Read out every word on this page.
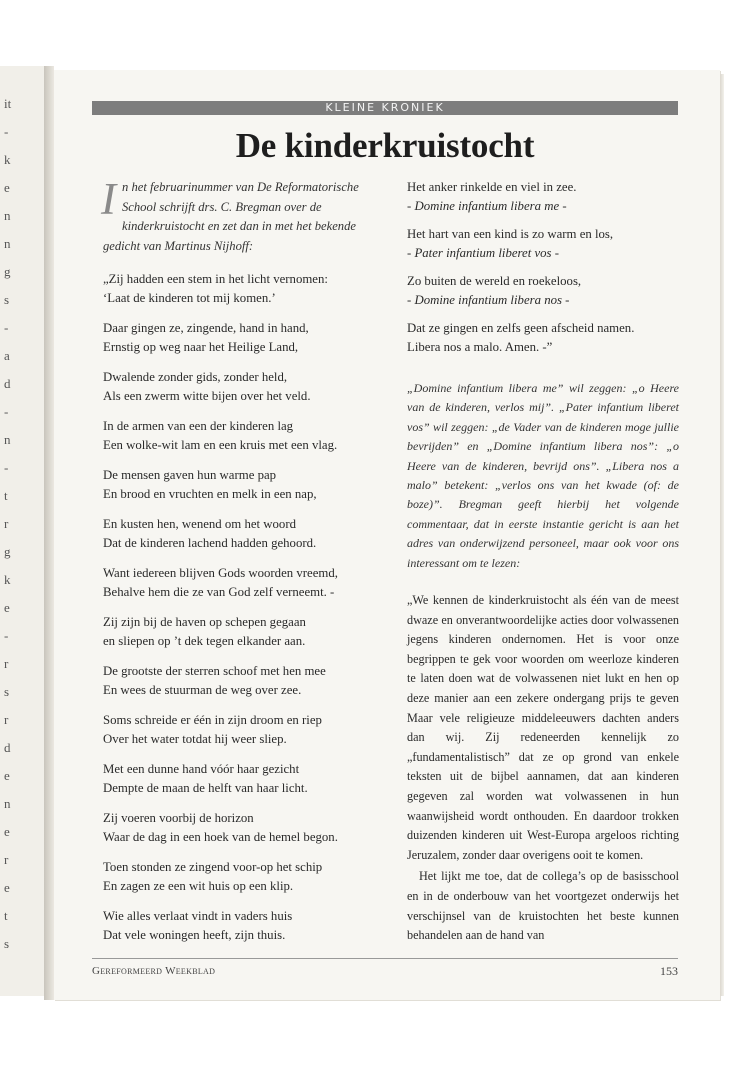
it
-
k
e
n
n
g
s
-
a
d
-
n
-
t
r
g
k
e
-
r
s
r
d
e
n
e
r
e
t
s
KLEINE KRONIEK
De kinderkruistocht

In het februarinummer van De Reformatorische School schrijft drs. C. Bregman over de kinderkruistocht en zet dan in met het bekende gedicht van Martinus Nijhoff:

„Zij hadden een stem in het licht vernomen:
‘Laat de kinderen tot mij komen.’
Daar gingen ze, zingende, hand in hand,
Ernstig op weg naar het Heilige Land,
Dwalende zonder gids, zonder held,
Als een zwerm witte bijen over het veld.
In de armen van een der kinderen lag
Een wolke-wit lam en een kruis met een vlag.
De mensen gaven hun warme pap
En brood en vruchten en melk in een nap,
En kusten hen, wenend om het woord
Dat de kinderen lachend hadden gehoord.
Want iedereen blijven Gods woorden vreemd,
Behalve hem die ze van God zelf verneemt. -
Zij zijn bij de haven op schepen gegaan
en sliepen op ’t dek tegen elkander aan.
De grootste der sterren schoof met hen mee
En wees de stuurman de weg over zee.
Soms schreide er één in zijn droom en riep
Over het water totdat hij weer sliep.
Met een dunne hand vóór haar gezicht
Dempte de maan de helft van haar licht.
Zij voeren voorbij de horizon
Waar de dag in een hoek van de hemel begon.
Toen stonden ze zingend voor-op het schip
En zagen ze een wit huis op een klip.
Wie alles verlaat vindt in vaders huis
Dat vele woningen heeft, zijn thuis.
Het anker rinkelde en viel in zee.
- Domine infantium libera me -
Het hart van een kind is zo warm en los,
- Pater infantium liberet vos -
Zo buiten de wereld en roekeloos,
- Domine infantium libera nos -
Dat ze gingen en zelfs geen afscheid namen.
Libera nos a malo. Amen. -”

„Domine infantium libera me” wil zeggen: „o Heere van de kinderen, verlos mij”. „Pater infantium liberet vos” wil zeggen: „de Vader van de kinderen moge jullie bevrijden” en „Domine infantium libera nos”: „o Heere van de kinderen, bevrijd ons”. „Libera nos a malo” betekent: „verlos ons van het kwade (of: de boze)”. Bregman geeft hierbij het volgende commentaar, dat in eerste instantie gericht is aan het adres van onderwijzend personeel, maar ook voor ons interessant om te lezen:

„We kennen de kinderkruistocht als één van de meest dwaze en onverantwoordelijke acties door volwassenen jegens kinderen ondernomen. Het is voor onze begrippen te gek voor woorden om weerloze kinderen te laten doen wat de volwassenen niet lukt en hen op deze manier aan een zekere ondergang prijs te geven Maar vele religieuze middeleeuwers dachten anders dan wij. Zij redeneerden kennelijk zo „fundamentalistisch” dat ze op grond van enkele teksten uit de bijbel aannamen, dat aan kinderen gegeven zal worden wat volwassenen in hun waanwijsheid wordt onthouden. En daardoor trokken duizenden kinderen uit West-Europa argeloos richting Jeruzalem, zonder daar overigens ooit te komen.

Het lijkt me toe, dat de collega’s op de basisschool en in de onderbouw van het voortgezet onderwijs het verschijnsel van de kruistochten het beste kunnen behandelen aan de hand van

Gereformeerd Weekblad	153
